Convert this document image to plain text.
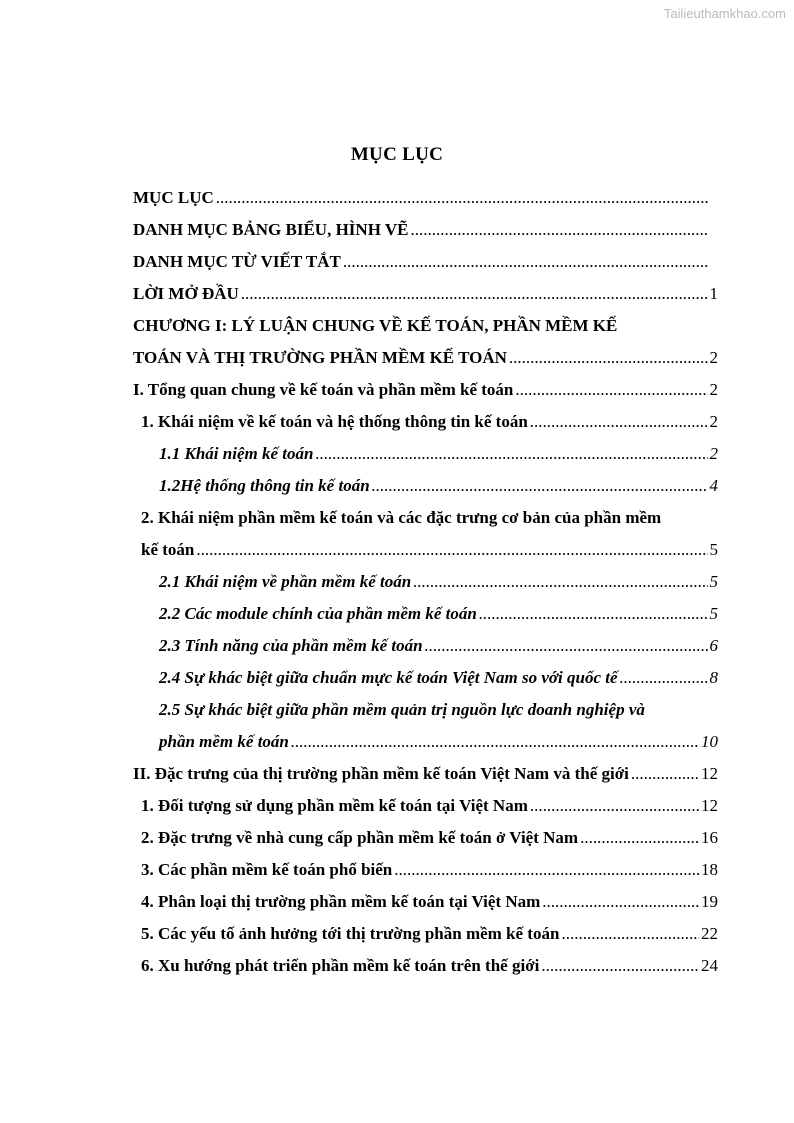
Tailieuthamkhao.com
MỤC LỤC
MỤC LỤC
.....
DANH MỤC BẢNG BIỂU, HÌNH VẼ
.....
DANH MỤC TỪ VIẾT TẮT
.....
LỜI MỞ ĐẦU .....	1
CHƯƠNG I: LÝ LUẬN CHUNG VỀ KẾ TOÁN, PHẦN MỀM KẾ
TOÁN VÀ THỊ TRƯỜNG PHẦN MỀM KẾ TOÁN .....	2
I. Tổng quan chung về kế toán và phần mềm kế toán .....	2
1. Khái niệm về kế toán và hệ thống thông tin kế toán .....	2
1.1 Khái niệm kế toán .....	2
1.2Hệ thống thông tin kế toán .....	4
2. Khái niệm phần mềm kế toán và các đặc trưng cơ bản của phần mềm
kế toán .....	5
2.1 Khái niệm về phần mềm kế toán .....	5
2.2 Các module chính của phần mềm kế toán .....	5
2.3 Tính năng của phần mềm kế toán .....	6
2.4 Sự khác biệt giữa chuẩn mực kế toán Việt Nam so với quốc tế .....	8
2.5 Sự khác biệt giữa phần mềm quản trị nguồn lực doanh nghiệp và
phần mềm kế toán .....	10
II. Đặc trưng của thị trường phần mềm kế toán Việt Nam và thế giới .....	12
1. Đối tượng sử dụng phần mềm kế toán tại Việt Nam .....	12
2. Đặc trưng về nhà cung cấp phần mềm kế toán ở Việt Nam .....	16
3. Các phần mềm kế toán phổ biến .....	18
4. Phân loại thị trường phần mềm kế toán tại Việt Nam .....	19
5. Các yếu tố ảnh hưởng tới thị trường phần mềm kế toán .....	22
6. Xu hướng phát triển phần mềm kế toán trên thế giới .....	24
